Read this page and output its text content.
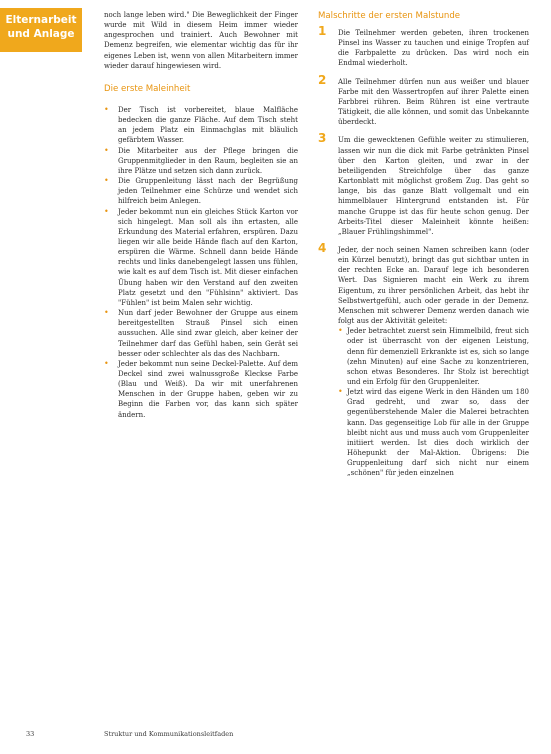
Elternarbeit
und Anlage

noch lange leben wird." Die Beweglichkeit der Finger wurde mit Wild in diesem Heim immer wieder angesprochen und trainiert. Auch Bewohner mit Demenz begreifen, wie elementar wichtig das für ihr eigenes Leben ist, wenn von allen Mitarbeitern immer wieder darauf hingewiesen wird.

Die erste Maleinheit
• Der Tisch ist vorbereitet, blaue Malfläche bedecken die ganze Fläche. Auf dem Tisch steht an jedem Platz ein Einmachglas mit bläulich gefärbtem Wasser.
• Die Mitarbeiter aus der Pflege bringen die Gruppenmitglieder in den Raum, begleiten sie an ihre Plätze und setzen sich dann zurück.
• Die Gruppenleitung lässt nach der Begrüßung jeden Teilnehmer eine Schürze und wendet sich hilfreich beim Anlegen.
• Jeder bekommt nun ein gleiches Stück Karton vor sich hingelegt. Man soll als ihn ertasten, alle Erkundung des Material erfahren, erspüren. Dazu liegen wir alle beide Hände flach auf den Karton, erspüren die Wärme. Schnell dann beide Hände rechts und links danebengelegt lassen uns fühlen, wie kalt es auf dem Tisch ist. Mit dieser einfachen Übung haben wir den Verstand auf den zweiten Platz gesetzt und den "Fühlsinn" aktiviert. Das "Fühlen" ist beim Malen sehr wichtig.
• Nun darf jeder Bewohner der Gruppe aus einem bereitgestellten Strauß Pinsel sich einen aussuchen. Alle sind zwar gleich, aber keiner der Teilnehmer darf das Gefühl haben, sein Gerät sei besser oder schlechter als das des Nachbarn.
• Jeder bekommt nun seine Deckel-Palette. Auf dem Deckel sind zwei walnussgroße Kleckse Farbe (Blau und Weiß). Da wir mit unerfahrenen Menschen in der Gruppe haben, geben wir zu Beginn die Farben vor, das kann sich später ändern.
Malschritte der ersten Malstunde
1 Die Teilnehmer werden gebeten, ihren trockenen Pinsel ins Wasser zu tauchen und einige Tropfen auf die Farbpalette zu drücken. Das wird noch ein Endmal wiederholt.

2 Alle Teilnehmer dürfen nun aus weißer und blauer Farbe mit den Wassertropfen auf ihrer Palette einen Farbbrei rühren. Beim Rühren ist eine vertraute Tätigkeit, die alle können, und somit das Unbekannte überdeckt.

3 Um die gewecktenen Gefühle weiter zu stimulieren, lassen wir nun die dick mit Farbe getränkten Pinsel über den Karton gleiten, und zwar in der beteiligenden Streichfolge über das ganze Kartonblatt mit möglichst großem Zug. Das geht so lange, bis das ganze Blatt vollgemalt und ein himmelblauer Hintergrund entstanden ist. Für manche Gruppe ist das für heute schon genug. Der Arbeits-Titel dieser Maleinheit könnte heißen: „Blauer Frühlingshimmel".

4 Jeder, der noch seinen Namen schreiben kann (oder ein Kürzel benutzt), bringt das gut sichtbar unten in der rechten Ecke an. Darauf lege ich besonderen Wert. Das Signieren macht ein Werk zu ihrem Eigentum, zu ihrer persönlichen Arbeit, das hebt ihr Selbstwertgefühl, auch oder gerade in der Demenz. Menschen mit schwerer Demenz werden danach wie folgt aus der Aktivität geleitet:

• Jeder betrachtet zuerst sein Himmelbild, freut sich oder ist überrascht von der eigenen Leistung, denn für demenziell Erkrankte ist es, sich so lange (zehn Minuten) auf eine Sache zu konzentrieren, schon etwas Besonderes. Ihr Stolz ist berechtigt und ein Erfolg für den Gruppenleiter.
• Jetzt wird das eigene Werk in den Händen um 180 Grad gedreht, und zwar so, dass der gegenüberstehende Maler die Malerei betrachten kann. Das gegenseitige Lob für alle in der Gruppe bleibt nicht aus und muss auch vom Gruppenleiter initiiert werden. Ist dies doch wirklich der Höhepunkt der Mal-Aktion. Übrigens: Die Gruppenleitung darf sich nicht nur einem „schönen" für jeden einzelnen
33	Struktur und Kommunikationsleitfaden
